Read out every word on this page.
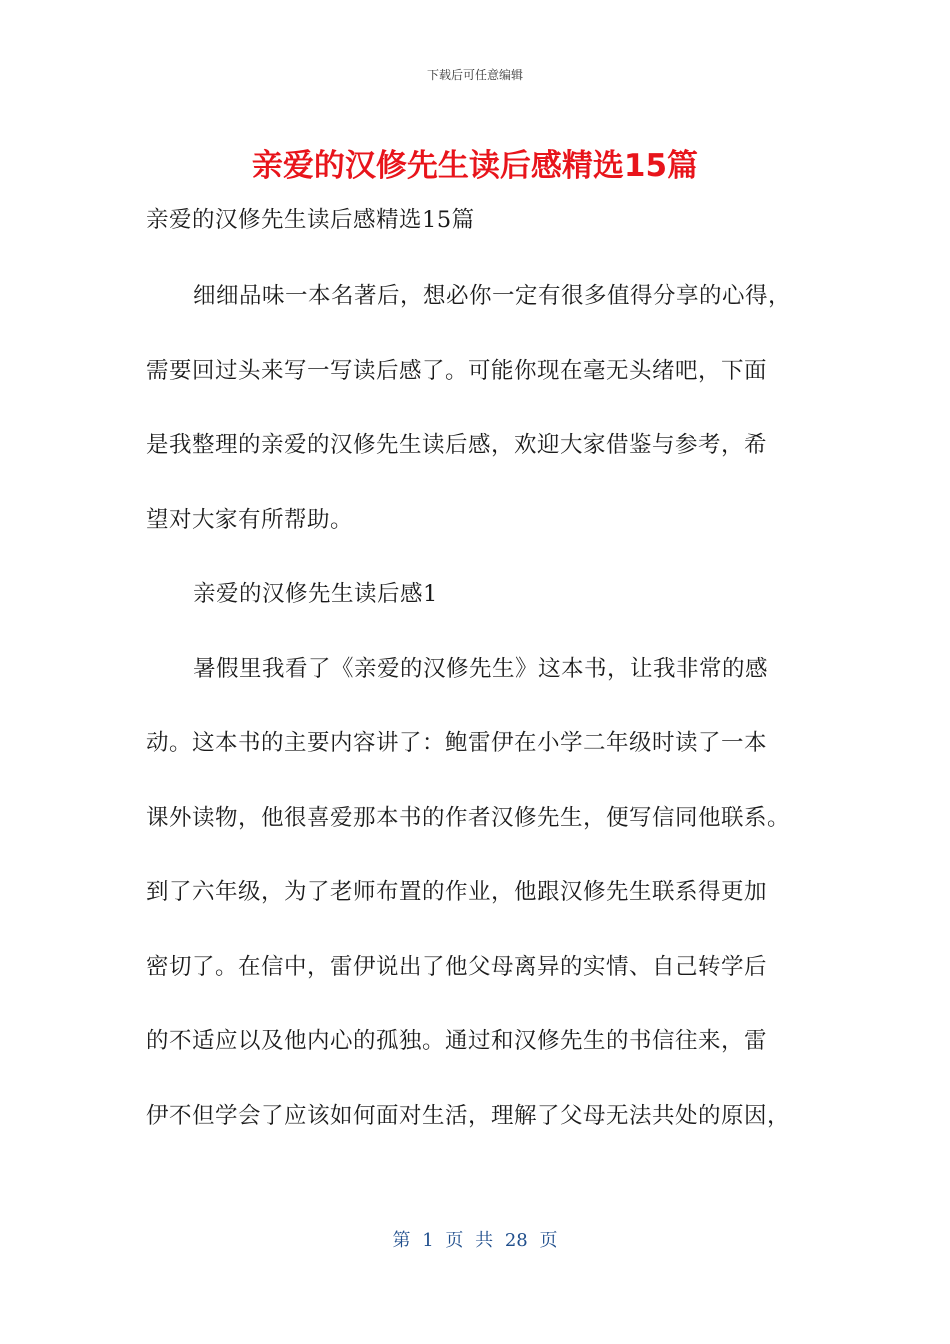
下载后可任意编辑
亲爱的汉修先生读后感精选15篇
亲爱的汉修先生读后感精选15篇
细细品味一本名著后，想必你一定有很多值得分享的心得，
需要回过头来写一写读后感了。可能你现在毫无头绪吧，下面
是我整理的亲爱的汉修先生读后感，欢迎大家借鉴与参考，希
望对大家有所帮助。
亲爱的汉修先生读后感1
暑假里我看了《亲爱的汉修先生》这本书，让我非常的感
动。这本书的主要内容讲了：鲍雷伊在小学二年级时读了一本
课外读物，他很喜爱那本书的作者汉修先生，便写信同他联系。
到了六年级，为了老师布置的作业，他跟汉修先生联系得更加
密切了。在信中，雷伊说出了他父母离异的实情、自己转学后
的不适应以及他内心的孤独。通过和汉修先生的书信往来，雷
伊不但学会了应该如何面对生活，理解了父母无法共处的原因，
第 1 页 共 28 页
